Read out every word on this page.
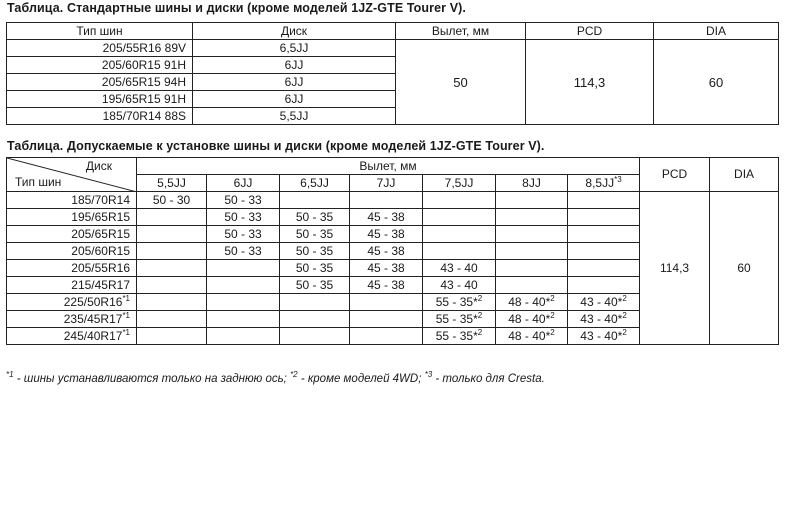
Таблица. Стандартные шины и диски (кроме моделей 1JZ-GTE Tourer V).
Тип шин	Диск	Вылет, мм	PCD	DIA
205/55R16 89V	6,5JJ	50	114,3	60
205/60R15 91H	6JJ			
205/65R15 94H	6JJ			
195/65R15 91H	6JJ			
185/70R14 88S	5,5JJ			
Таблица. Допускаемые к установке шины и диски (кроме моделей 1JZ-GTE Tourer V).
Диск
Тип шин	Вылет, мм							PCD	DIA
	5,5JJ	6JJ	6,5JJ	7JJ	7,5JJ	8JJ	8,5JJ$^{*3}$
185/70R14	50 - 30	50 - 33						114,3	60
195/65R15		50 - 33	50 - 35	45 - 38					
205/65R15		50 - 33	50 - 35	45 - 38					
205/60R15		50 - 33	50 - 35	45 - 38					
205/55R16			50 - 35	45 - 38	43 - 40				
215/45R17			50 - 35	45 - 38	43 - 40				
225/50R16$^{*1}$					55 - 35*$^2$	48 - 40*$^2$	43 - 40*$^2$
235/45R17$^{*1}$					55 - 35*$^2$	48 - 40*$^2$	43 - 40*$^2$
245/40R17$^{*1}$					55 - 35*$^2$	48 - 40*$^2$	43 - 40*$^2$
$^{*1}$ - шины устанавливаются только на заднюю ось; $^{*2}$ - кроме моделей 4WD; $^{*3}$ - только для Cresta.
